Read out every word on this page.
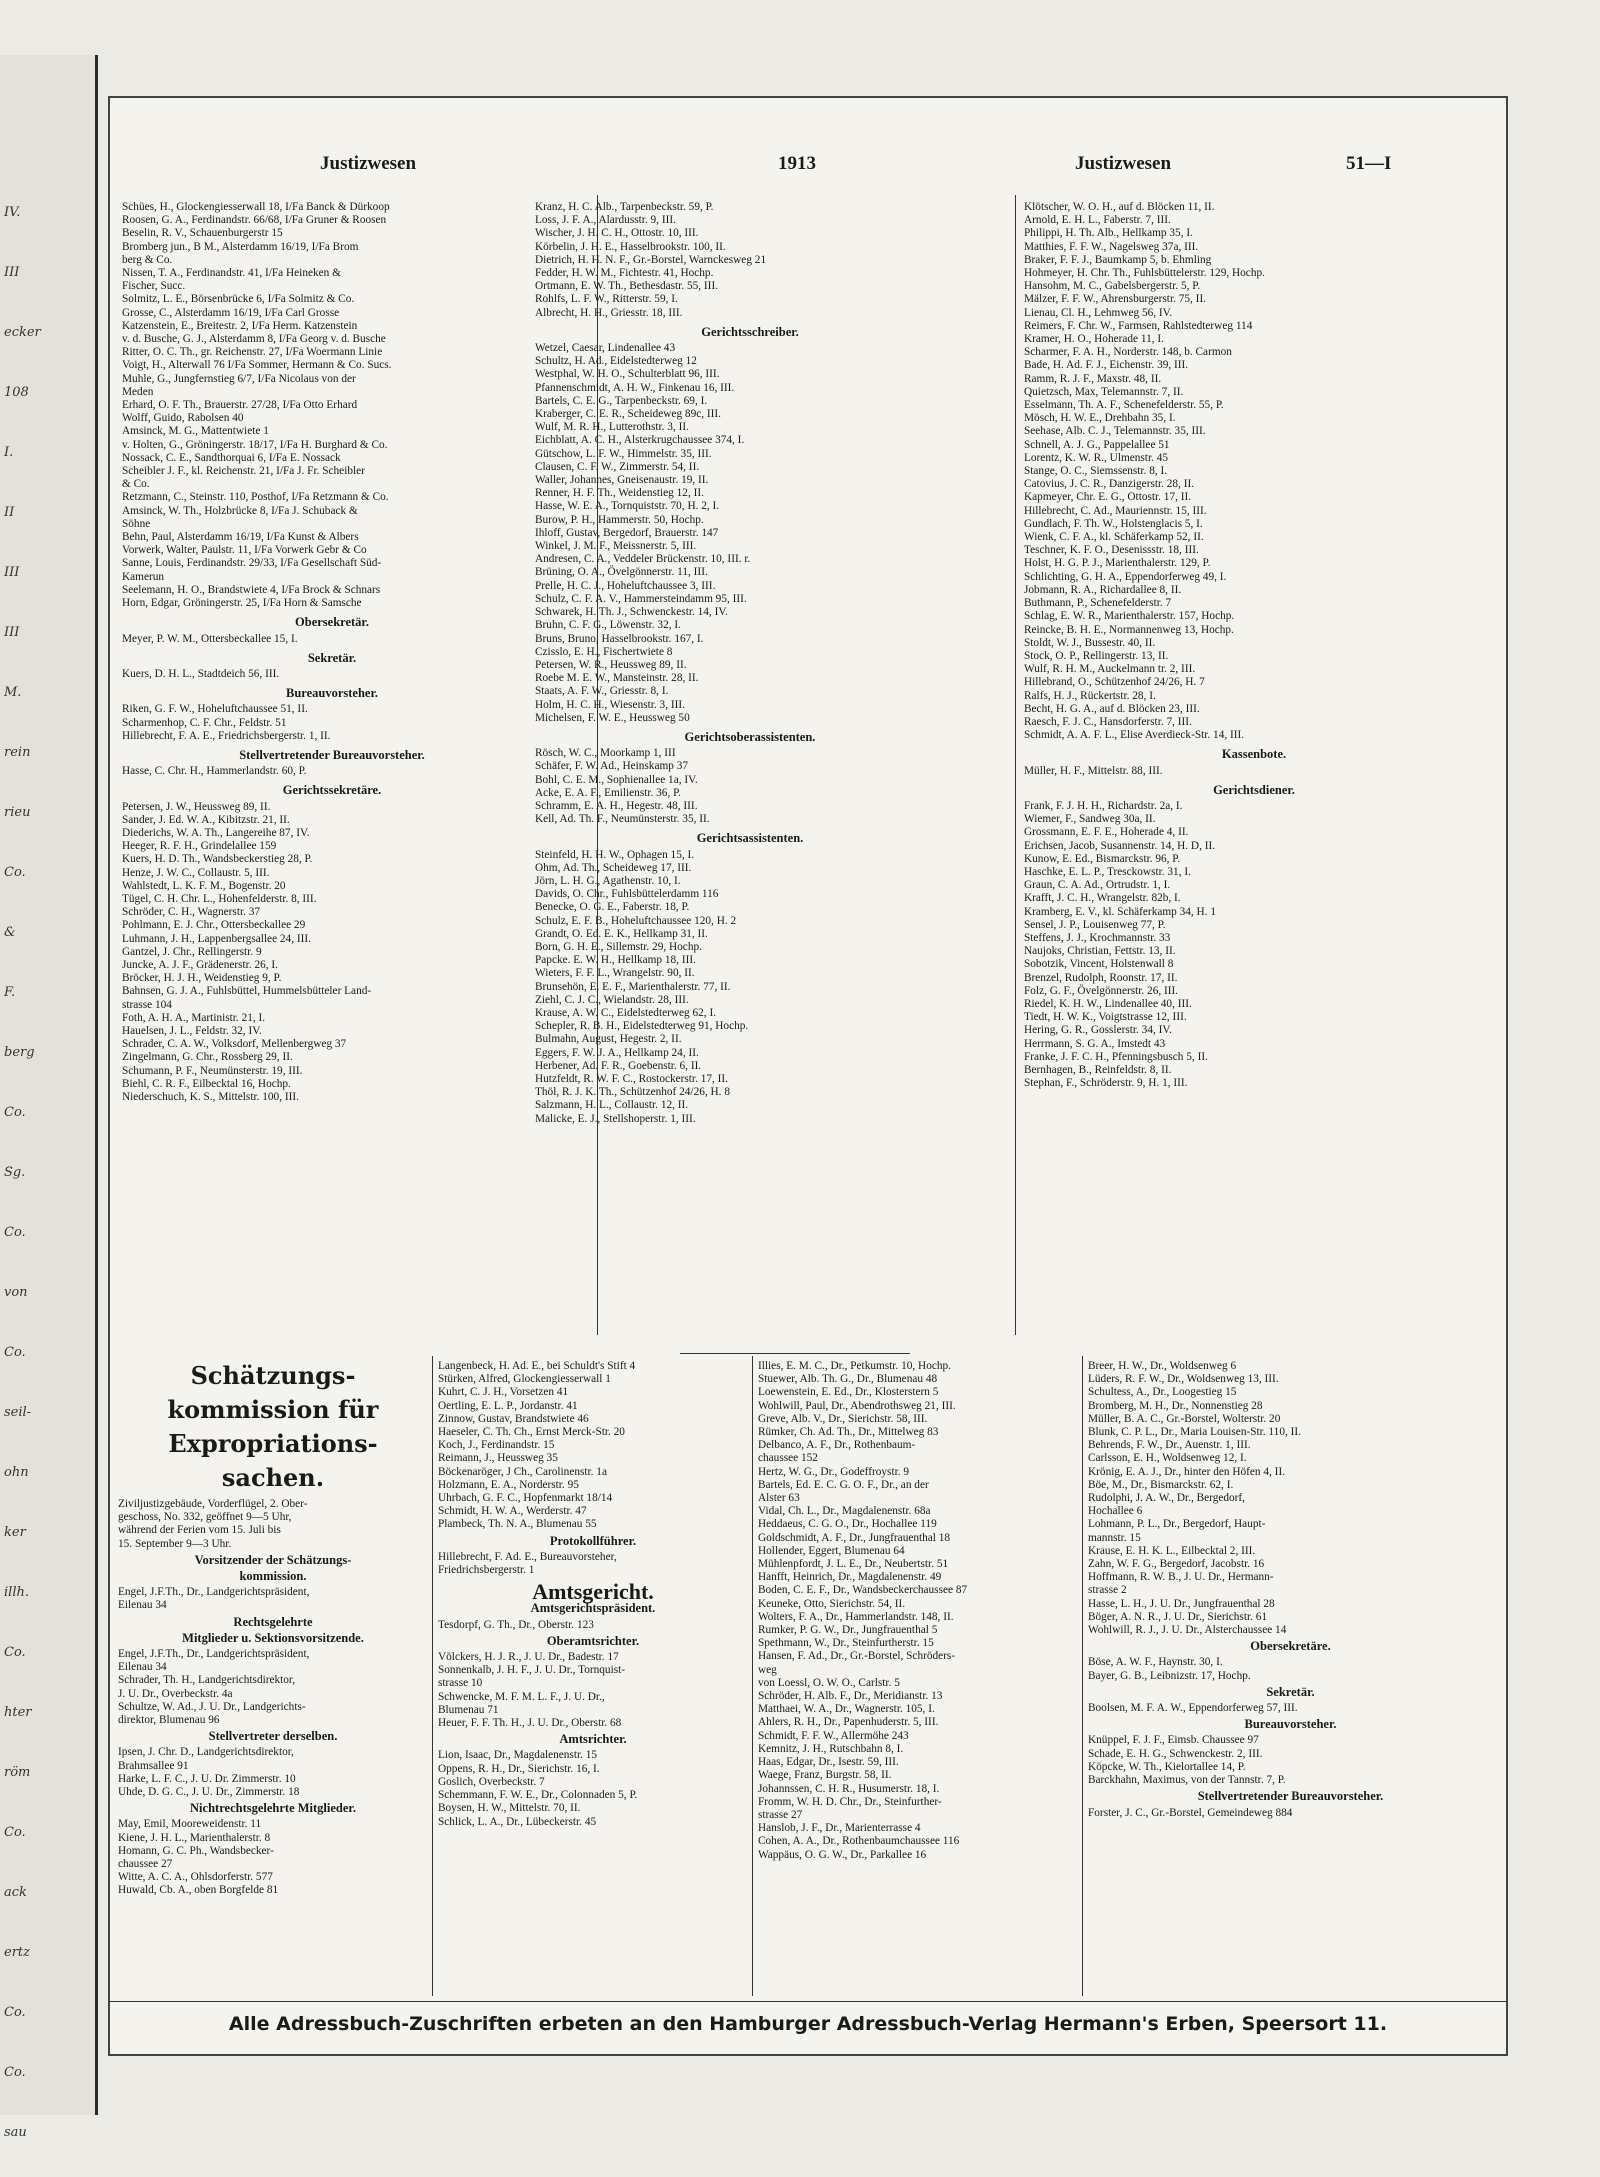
IV.
III
ecker
108
I.
II
III
III
M.
rein
rieu
Co.
&
F.
berg
Co.
Sg.
Co.
von
Co.
seil-
ohn
ker
illh.
Co.
hter
röm
Co.
ack
ertz
Co.
Co.
sau
Justizwesen	1913	Justizwesen	51—I
Schües, H., Glockengiesserwall 18, I/Fa Banck & Dürkoop
Roosen, G. A., Ferdinandstr. 66/68, I/Fa Gruner & Roosen
Beselin, R. V., Schauenburgerstr 15
Bromberg jun., B M., Alsterdamm 16/19, I/Fa Brom
berg & Co.
Nissen, T. A., Ferdinandstr. 41, I/Fa Heineken &
Fischer, Succ.
Solmitz, L. E., Börsenbrücke 6, I/Fa Solmitz & Co.
Grosse, C., Alsterdamm 16/19, I/Fa Carl Grosse
Katzenstein, E., Breitestr. 2, I/Fa Herm. Katzenstein
v. d. Busche, G. J., Alsterdamm 8, I/Fa Georg v. d. Busche
Ritter, O. C. Th., gr. Reichenstr. 27, I/Fa Woermann Linie
Voigt, H., Alterwall 76 I/Fa Sommer, Hermann & Co. Sucs.
Muhle, G., Jungfernstieg 6/7, I/Fa Nicolaus von der
Meden
Erhard, O. F. Th., Brauerstr. 27/28, I/Fa Otto Erhard
Wolff, Guido, Rabolsen 40
Amsinck, M. G., Mattentwiete 1
v. Holten, G., Gröningerstr. 18/17, I/Fa H. Burghard & Co.
Nossack, C. E., Sandthorquai 6, I/Fa E. Nossack
Scheibler J. F., kl. Reichenstr. 21, I/Fa J. Fr. Scheibler
& Co.
Retzmann, C., Steinstr. 110, Posthof, I/Fa Retzmann & Co.
Amsinck, W. Th., Holzbrücke 8, I/Fa J. Schuback &
Söhne
Behn, Paul, Alsterdamm 16/19, I/Fa Kunst & Albers
Vorwerk, Walter, Paulstr. 11, I/Fa Vorwerk Gebr & Co
Sanne, Louis, Ferdinandstr. 29/33, I/Fa Gesellschaft Süd-
Kamerun
Seelemann, H. O., Brandstwiete 4, I/Fa Brock & Schnars
Horn, Edgar, Gröningerstr. 25, I/Fa Horn & Samsche
Obersekretär.
Meyer, P. W. M., Ottersbeckallee 15, I.
Sekretär.
Kuers, D. H. L., Stadtdeich 56, III.
Bureauvorsteher.
Riken, G. F. W., Hoheluftchaussee 51, II.
Scharmenhop, C. F. Chr., Feldstr. 51
Hillebrecht, F. A. E., Friedrichsbergerstr. 1, II.
Stellvertretender Bureauvorsteher.
Hasse, C. Chr. H., Hammerlandstr. 60, P.
Gerichtssekretäre.
Petersen, J. W., Heussweg 89, II.
Sander, J. Ed. W. A., Kibitzstr. 21, II.
Diederichs, W. A. Th., Langereihe 87, IV.
Heeger, R. F. H., Grindelallee 159
Kuers, H. D. Th., Wandsbeckerstieg 28, P.
Henze, J. W. C., Collaustr. 5, III.
Wahlstedt, L. K. F. M., Bogenstr. 20
Tügel, C. H. Chr. L., Hohenfelderstr. 8, III.
Schröder, C. H., Wagnerstr. 37
Pohlmann, E. J. Chr., Ottersbeckallee 29
Luhmann, J. H., Lappenbergsallee 24, III.
Gantzel, J. Chr., Rellingerstr. 9
Juncke, A. J. F., Grädenerstr. 26, I.
Bröcker, H. J. H., Weidenstieg 9, P.
Bahnsen, G. J. A., Fuhlsbüttel, Hummelsbütteler Land-
strasse 104
Foth, A. H. A., Martinistr. 21, I.
Hauelsen, J. L., Feldstr. 32, IV.
Schrader, C. A. W., Volksdorf, Mellenbergweg 37
Zingelmann, G. Chr., Rossberg 29, II.
Schumann, P. F., Neumünsterstr. 19, III.
Biehl, C. R. F., Eilbecktal 16, Hochp.
Niederschuch, K. S., Mittelstr. 100, III.
Kranz, H. C. Alb., Tarpenbeckstr. 59, P.
Loss, J. F. A., Alardusstr. 9, III.
Wischer, J. H. C. H., Ottostr. 10, III.
Körbelin, J. H. E., Hasselbrookstr. 100, II.
Dietrich, H. H. N. F., Gr.-Borstel, Warnckesweg 21
Fedder, H. W. M., Fichtestr. 41, Hochp.
Ortmann, E. W. Th., Bethesdastr. 55, III.
Rohlfs, L. F. W., Ritterstr. 59, I.
Albrecht, H. H., Griesstr. 18, III.
Gerichtsschreiber.
Wetzel, Caesar, Lindenallee 43
Schultz, H. Ad., Eidelstedterweg 12
Westphal, W. H. O., Schulterblatt 96, III.
Pfannenschmidt, A. H. W., Finkenau 16, III.
Bartels, C. E. G., Tarpenbeckstr. 69, I.
Kraberger, C. E. R., Scheideweg 89c, III.
Wulf, M. R. H., Lutterothstr. 3, II.
Eichblatt, A. C. H., Alsterkrugchaussee 374, I.
Gütschow, L. F. W., Himmelstr. 35, III.
Clausen, C. F. W., Zimmerstr. 54, II.
Waller, Johannes, Gneisenaustr. 19, II.
Renner, H. F. Th., Weidenstieg 12, II.
Hasse, W. E. A., Tornquiststr. 70, H. 2, I.
Burow, P. H., Hammerstr. 50, Hochp.
Ihloff, Gustav, Bergedorf, Brauerstr. 147
Winkel, J. M. F., Meissnerstr. 5, III.
Andresen, C. A., Veddeler Brückenstr. 10, III. r.
Brüning, O. A., Övelgönnerstr. 11, III.
Prelle, H. C. J., Hoheluftchaussee 3, III.
Schulz, C. F. A. V., Hammersteindamm 95, III.
Schwarek, H. Th. J., Schwenckestr. 14, IV.
Bruhn, C. F. G., Löwenstr. 32, I.
Bruns, Bruno, Hasselbrookstr. 167, I.
Czisslo, E. H., Fischertwiete 8
Petersen, W. R., Heussweg 89, II.
Roebe M. E. W., Mansteinstr. 28, II.
Staats, A. F. W., Griesstr. 8, I.
Holm, H. C. H., Wiesenstr. 3, III.
Michelsen, F. W. E., Heussweg 50
Gerichtsoberassistenten.
Rösch, W. C., Moorkamp 1, III
Schäfer, F. W. Ad., Heinskamp 37
Bohl, C. E. M., Sophienallee 1a, IV.
Acke, E. A. F., Emilienstr. 36, P.
Schramm, E. A. H., Hegestr. 48, III.
Kell, Ad. Th. F., Neumünsterstr. 35, II.
Gerichtsassistenten.
Steinfeld, H. H. W., Ophagen 15, I.
Ohm, Ad. Th., Scheideweg 17, III.
Jörn, L. H. G., Agathenstr. 10, I.
Davids, O. Chr., Fuhlsbüttelerdamm 116
Benecke, O. G. E., Faberstr. 18, P.
Schulz, E. F. B., Hoheluftchaussee 120, H. 2
Grandt, O. Ed. E. K., Hellkamp 31, II.
Born, G. H. E., Sillemstr. 29, Hochp.
Papcke. E. W. H., Hellkamp 18, III.
Wieters, F. F. L., Wrangelstr. 90, II.
Brunsehön, E. E. F., Marienthalerstr. 77, II.
Ziehl, C. J. C., Wielandstr. 28, III.
Krause, A. W. C., Eidelstedterweg 62, I.
Schepler, R. B. H., Eidelstedterweg 91, Hochp.
Bulmahn, August, Hegestr. 2, II.
Eggers, F. W. J. A., Hellkamp 24, II.
Herbener, Ad. F. R., Goebenstr. 6, II.
Hutzfeldt, R. W. F. C., Rostockerstr. 17, II.
Thöl, R. J. K. Th., Schützenhof 24/26, H. 8
Salzmann, H. L., Collaustr. 12, II.
Malicke, E. J., Stellshoperstr. 1, III.
Klötscher, W. O. H., auf d. Blöcken 11, II.
Arnold, E. H. L., Faberstr. 7, III.
Philippi, H. Th. Alb., Hellkamp 35, I.
Matthies, F. F. W., Nagelsweg 37a, III.
Braker, F. F. J., Baumkamp 5, b. Ehmling
Hohmeyer, H. Chr. Th., Fuhlsbüttelerstr. 129, Hochp.
Hansohm, M. C., Gabelsbergerstr. 5, P.
Mälzer, F. F. W., Ahrensburgerstr. 75, II.
Lienau, Cl. H., Lehmweg 56, IV.
Reimers, F. Chr. W., Farmsen, Rahlstedterweg 114
Kramer, H. O., Hoherade 11, I.
Scharmer, F. A. H., Norderstr. 148, b. Carmon
Bade, H. Ad. F. J., Eichenstr. 39, III.
Ramm, R. J. F., Maxstr. 48, II.
Quietzsch, Max, Telemannstr. 7, II.
Esselmann, Th. A. F., Schenefelderstr. 55, P.
Mösch, H. W. E., Drehbahn 35, I.
Seehase, Alb. C. J., Telemannstr. 35, III.
Schnell, A. J. G., Pappelallee 51
Lorentz, K. W. R., Ulmenstr. 45
Stange, O. C., Siemssenstr. 8, I.
Catovius, J. C. R., Danzigerstr. 28, II.
Kapmeyer, Chr. E. G., Ottostr. 17, II.
Hillebrecht, C. Ad., Mauriennstr. 15, III.
Gundlach, F. Th. W., Holstenglacis 5, I.
Wienk, C. F. A., kl. Schäferkamp 52, II.
Teschner, K. F. O., Desenissstr. 18, III.
Holst, H. G. P. J., Marienthalerstr. 129, P.
Schlichting, G. H. A., Eppendorferweg 49, I.
Jobmann, R. A., Richardallee 8, II.
Buthmann, P., Schenefelderstr. 7
Schlag, E. W. R., Marienthalerstr. 157, Hochp.
Reincke, B. H. E., Normannenweg 13, Hochp.
Stoldt, W. J., Bussestr. 40, II.
Stock, O. P., Rellingerstr. 13, II.
Wulf, R. H. M., Auckelmann tr. 2, III.
Hillebrand, O., Schützenhof 24/26, H. 7
Ralfs, H. J., Rückertstr. 28, I.
Becht, H. G. A., auf d. Blöcken 23, III.
Raesch, F. J. C., Hansdorferstr. 7, III.
Schmidt, A. A. F. L., Elise Averdieck-Str. 14, III.
Kassenbote.
Müller, H. F., Mittelstr. 88, III.
Gerichtsdiener.
Frank, F. J. H. H., Richardstr. 2a, I.
Wiemer, F., Sandweg 30a, II.
Grossmann, E. F. E., Hoherade 4, II.
Erichsen, Jacob, Susannenstr. 14, H. D, II.
Kunow, E. Ed., Bismarckstr. 96, P.
Haschke, E. L. P., Tresckowstr. 31, I.
Graun, C. A. Ad., Ortrudstr. 1, I.
Krafft, J. C. H., Wrangelstr. 82b, I.
Kramberg, E. V., kl. Schäferkamp 34, H. 1
Sensel, J. P., Louisenweg 77, P.
Steffens, J. J., Krochmannstr. 33
Naujoks, Christian, Fettstr. 13, II.
Sobotzik, Vincent, Holstenwall 8
Brenzel, Rudolph, Roonstr. 17, II.
Folz, G. F., Övelgönnerstr. 26, III.
Riedel, K. H. W., Lindenallee 40, III.
Tiedt, H. W. K., Voigtstrasse 12, III.
Hering, G. R., Gosslerstr. 34, IV.
Herrmann, S. G. A., Imstedt 43
Franke, J. F. C. H., Pfenningsbusch 5, II.
Bernhagen, B., Reinfeldstr. 8, II.
Stephan, F., Schröderstr. 9, H. 1, III.
Schätzungs-
kommission für
Expropriations-
sachen.
Ziviljustizgebäude, Vorderflügel, 2. Ober-
geschoss, No. 332, geöffnet 9—5 Uhr,
während der Ferien vom 15. Juli bis
15. September 9—3 Uhr.
Vorsitzender der Schätzungs-
kommission.
Engel, J.F.Th., Dr., Landgerichtspräsident,
Eilenau 34
Rechtsgelehrte
Mitglieder u. Sektionsvorsitzende.
Engel, J.F.Th., Dr., Landgerichtspräsident,
Eilenau 34
Schrader, Th. H., Landgerichtsdirektor,
J. U. Dr., Overbeckstr. 4a
Schultze, W. Ad., J. U. Dr., Landgerichts-
direktor, Blumenau 96
Stellvertreter derselben.
Ipsen, J. Chr. D., Landgerichtsdirektor,
Brahmsallee 91
Harke, L. F. C., J. U. Dr. Zimmerstr. 10
Uhde, D. G. C., J. U. Dr., Zimmerstr. 18
Nichtrechtsgelehrte Mitglieder.
May, Emil, Mooreweidenstr. 11
Kiene, J. H. L., Marienthalerstr. 8
Homann, G. C. Ph., Wandsbecker-
chaussee 27
Witte, A. C. A., Ohlsdorferstr. 577
Huwald, Cb. A., oben Borgfelde 81
Langenbeck, H. Ad. E., bei Schuldt's Stift 4
Stürken, Alfred, Glockengiesserwall 1
Kuhrt, C. J. H., Vorsetzen 41
Oertling, E. L. P., Jordanstr. 41
Zinnow, Gustav, Brandstwiete 46
Haeseler, C. Th. Ch., Ernst Merck-Str. 20
Koch, J., Ferdinandstr. 15
Reimann, J., Heussweg 35
Böckenaröger, J Ch., Carolinenstr. 1a
Holzmann, E. A., Norderstr. 95
Uhrbach, G. F. C., Hopfenmarkt 18/14
Schmidt, H. W. A., Werderstr. 47
Plambeck, Th. N. A., Blumenau 55
Protokollführer.
Hillebrecht, F. Ad. E., Bureauvorsteher,
Friedrichsbergerstr. 1
Amtsgericht.
Amtsgerichtspräsident.
Tesdorpf, G. Th., Dr., Oberstr. 123
Oberamtsrichter.
Völckers, H. J. R., J. U. Dr., Badestr. 17
Sonnenkalb, J. H. F., J. U. Dr., Tornquist-
strasse 10
Schwencke, M. F. M. L. F., J. U. Dr.,
Blumenau 71
Heuer, F. F. Th. H., J. U. Dr., Oberstr. 68
Amtsrichter.
Lion, Isaac, Dr., Magdalenenstr. 15
Oppens, R. H., Dr., Sierichstr. 16, I.
Goslich, Overbeckstr. 7
Schemmann, F. W. E., Dr., Colonnaden 5, P.
Boysen, H. W., Mittelstr. 70, II.
Schlick, L. A., Dr., Lübeckerstr. 45
Illies, E. M. C., Dr., Petkumstr. 10, Hochp.
Stuewer, Alb. Th. G., Dr., Blumenau 48
Loewenstein, E. Ed., Dr., Klosterstern 5
Wohlwill, Paul, Dr., Abendrothsweg 21, III.
Greve, Alb. V., Dr., Sierichstr. 58, III.
Rümker, Ch. Ad. Th., Dr., Mittelweg 83
Delbanco, A. F., Dr., Rothenbaum-
chaussee 152
Hertz, W. G., Dr., Godeffroystr. 9
Bartels, Ed. E. C. G. O. F., Dr., an der
Alster 63
Vidal, Ch. L., Dr., Magdalenenstr. 68a
Heddaeus, C. G. O., Dr., Hochallee 119
Goldschmidt, A. F., Dr., Jungfrauenthal 18
Hollender, Eggert, Blumenau 64
Mühlenpfordt, J. L. E., Dr., Neubertstr. 51
Hanfft, Heinrich, Dr., Magdalenenstr. 49
Boden, C. E. F., Dr., Wandsbeckerchaussee 87
Keuneke, Otto, Sierichstr. 54, II.
Wolters, F. A., Dr., Hammerlandstr. 148, II.
Rumker, P. G. W., Dr., Jungfrauenthal 5
Spethmann, W., Dr., Steinfurtherstr. 15
Hansen, F. Ad., Dr., Gr.-Borstel, Schröders-
weg
von Loessl, O. W. O., Carlstr. 5
Schröder, H. Alb. F., Dr., Meridianstr. 13
Matthaei, W. A., Dr., Wagnerstr. 105, I.
Ahlers, R. H., Dr., Papenhuderstr. 5, III.
Schmidt, F. F. W., Allermöhe 243
Kemnitz, J. H., Rutschbahn 8, I.
Haas, Edgar, Dr., Isestr. 59, III.
Waege, Franz, Burgstr. 58, II.
Johannssen, C. H. R., Husumerstr. 18, I.
Fromm, W. H. D. Chr., Dr., Steinfurther-
strasse 27
Hanslob, J. F., Dr., Marienterrasse 4
Cohen, A. A., Dr., Rothenbaumchaussee 116
Wappäus, O. G. W., Dr., Parkallee 16
Breer, H. W., Dr., Woldsenweg 6
Lüders, R. F. W., Dr., Woldsenweg 13, III.
Schultess, A., Dr., Loogestieg 15
Bromberg, M. H., Dr., Nonnenstieg 28
Müller, B. A. C., Gr.-Borstel, Wolterstr. 20
Blunk, C. P. L., Dr., Maria Louisen-Str. 110, II.
Behrends, F. W., Dr., Auenstr. 1, III.
Carlsson, E. H., Woldsenweg 12, I.
Krönig, E. A. J., Dr., hinter den Höfen 4, II.
Böe, M., Dr., Bismarckstr. 62, I.
Rudolphi, J. A. W., Dr., Bergedorf,
Hochallee 6
Lohmann, P. L., Dr., Bergedorf, Haupt-
mannstr. 15
Krause, E. H. K. L., Eilbecktal 2, III.
Zahn, W. F. G., Bergedorf, Jacobstr. 16
Hoffmann, R. W. B., J. U. Dr., Hermann-
strasse 2
Hasse, L. H., J. U. Dr., Jungfrauenthal 28
Böger, A. N. R., J. U. Dr., Sierichstr. 61
Wohlwill, R. J., J. U. Dr., Alsterchaussee 14
Obersekretäre.
Böse, A. W. F., Haynstr. 30, I.
Bayer, G. B., Leibnizstr. 17, Hochp.
Sekretär.
Boolsen, M. F. A. W., Eppendorferweg 57, III.
Bureauvorsteher.
Knüppel, F. J. F., Eimsb. Chaussee 97
Schade, E. H. G., Schwenckestr. 2, III.
Köpcke, W. Th., Kielortallee 14, P.
Barckhahn, Maximus, von der Tannstr. 7, P.
Stellvertretender Bureauvorsteher.
Forster, J. C., Gr.-Borstel, Gemeindeweg 884
Alle Adressbuch-Zuschriften erbeten an den Hamburger Adressbuch-Verlag Hermann's Erben, Speersort 11.
